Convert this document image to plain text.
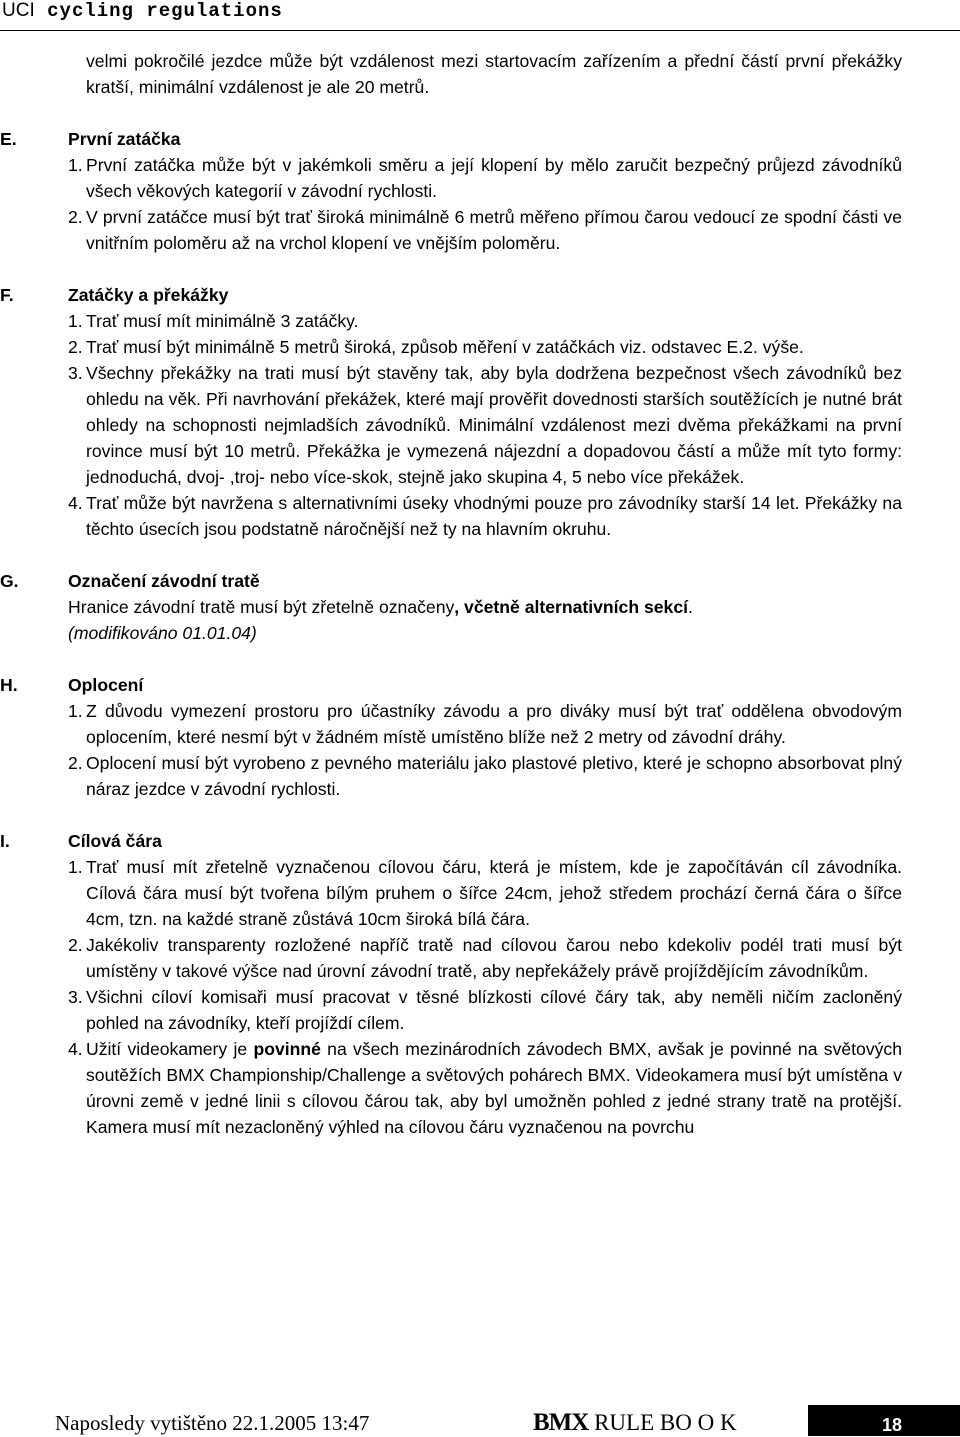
UCI cycling regulations

velmi pokročilé jezdce může být vzdálenost mezi startovacím zařízením a přední částí první překážky kratší, minimální vzdálenost je ale 20 metrů.

E.	První zatáčka

1. První zatáčka může být v jakémkoli směru a její klopení by mělo zaručit bezpečný průjezd závodníků všech věkových kategorií v závodní rychlosti.
2. V první zatáčce musí být trať široká minimálně 6 metrů měřeno přímou čarou vedoucí ze spodní části ve vnitřním poloměru až na vrchol klopení ve vnějším poloměru.
F.	Zatáčky a překážky

1. Trať musí mít minimálně 3 zatáčky.
2. Trať musí být minimálně 5 metrů široká, způsob měření v zatáčkách viz. odstavec E.2. výše.
3. Všechny překážky na trati musí být stavěny tak, aby byla dodržena bezpečnost všech závodníků bez ohledu na věk. Při navrhování překážek, které mají prověřit dovednosti starších soutěžících je nutné brát ohledy na schopnosti nejmladších závodníků. Minimální vzdálenost mezi dvěma překážkami na první rovince musí být 10 metrů. Překážka je vymezená nájezdní a dopadovou částí a může mít tyto formy: jednoduchá, dvoj- ,troj- nebo více-skok, stejně jako skupina 4, 5 nebo více překážek.
4. Trať může být navržena s alternativními úseky vhodnými pouze pro závodníky starší 14 let. Překážky na těchto úsecích jsou podstatně náročnější než ty na hlavním okruhu.
G.	Označení závodní tratě

Hranice závodní tratě musí být zřetelně označeny, včetně alternativních sekcí.

(modifikováno 01.01.04)

H.	Oplocení

1. Z důvodu vymezení prostoru pro účastníky závodu a pro diváky musí být trať oddělena obvodovým oplocením, které nesmí být v žádném místě umístěno blíže než 2 metry od závodní dráhy.
2. Oplocení musí být vyrobeno z pevného materiálu jako plastové pletivo, které je schopno absorbovat plný náraz jezdce v závodní rychlosti.
I.	Cílová čára

1. Trať musí mít zřetelně vyznačenou cílovou čáru, která je místem, kde je započítáván cíl závodníka. Cílová čára musí být tvořena bílým pruhem o šířce 24cm, jehož středem prochází černá čára o šířce 4cm, tzn. na každé straně zůstává 10cm široká bílá čára.
2. Jakékoliv transparenty rozložené napříč tratě nad cílovou čarou nebo kdekoliv podél trati musí být umístěny v takové výšce nad úrovní závodní tratě, aby nepřekážely právě projíždějícím závodníkům.
3. Všichni cíloví komisaři musí pracovat v těsné blízkosti cílové čáry tak, aby neměli ničím zacloněný pohled na závodníky, kteří projíždí cílem.
4. Užití videokamery je povinné na všech mezinárodních závodech BMX, avšak je povinné na světových soutěžích BMX Championship/Challenge a světových pohárech BMX. Videokamera musí být umístěna v úrovni země v jedné linii s cílovou čárou tak, aby byl umožněn pohled z jedné strany tratě na protější. Kamera musí mít nezacloněný výhled na cílovou čáru vyznačenou na povrchu
Naposledy vytištěno 22.1.2005 13:47	BMX RULE BO O K	18
